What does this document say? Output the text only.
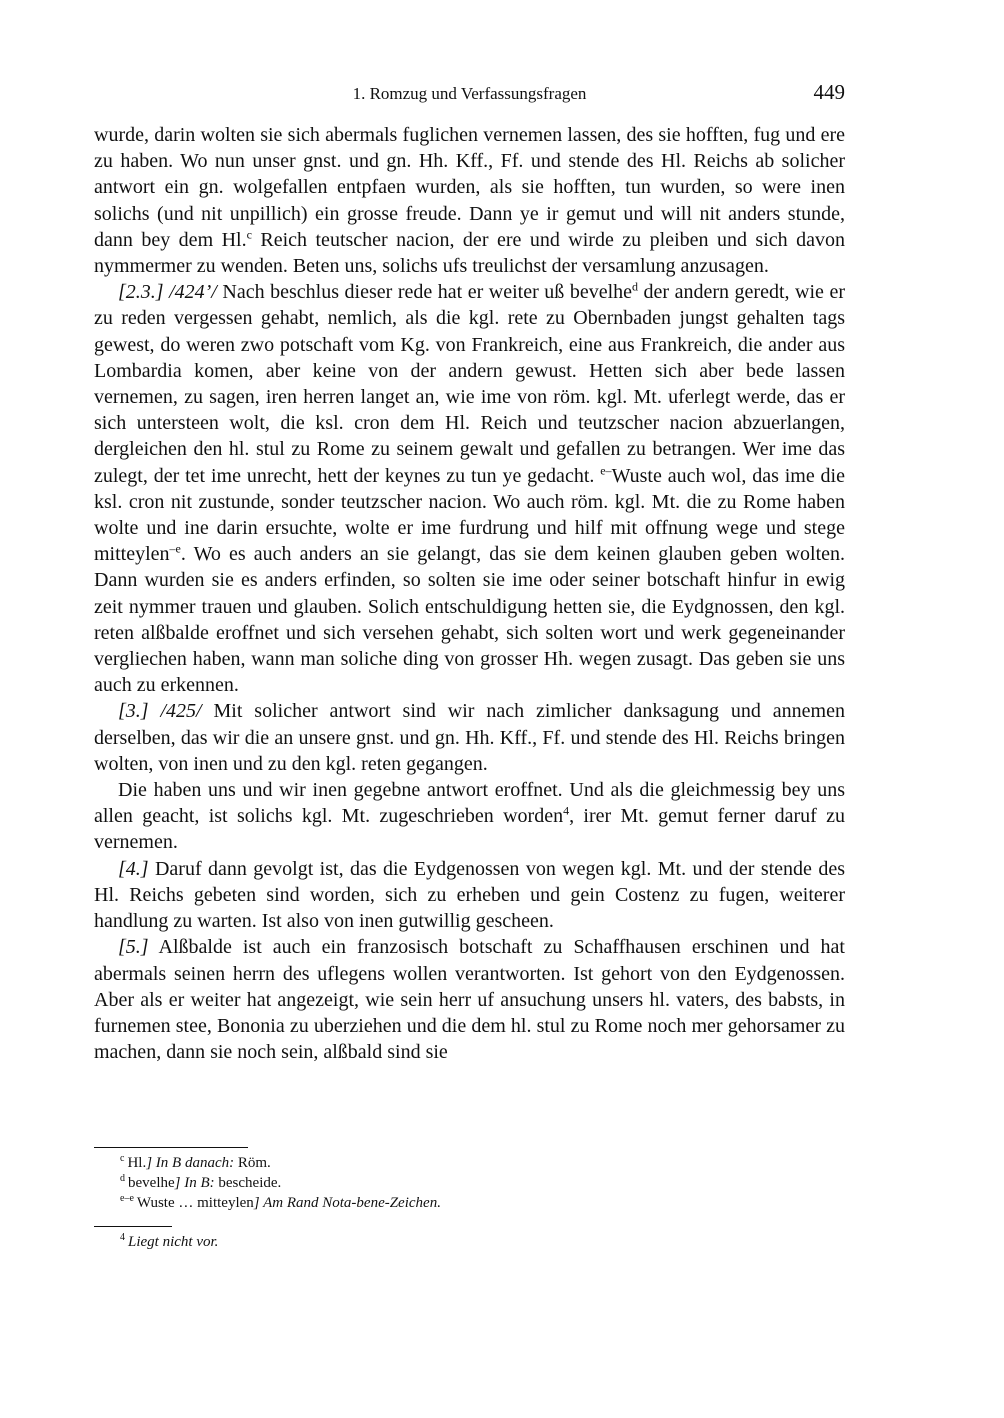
1. Romzug und Verfassungsfragen	449

wurde, darin wolten sie sich abermals fuglichen vernemen lassen, des sie hofften, fug und ere zu haben. Wo nun unser gnst. und gn. Hh. Kff., Ff. und stende des Hl. Reichs ab solicher antwort ein gn. wolgefallen entpfaen wurden, als sie hofften, tun wurden, so were inen solichs (und nit unpillich) ein grosse freude. Dann ye ir gemut und will nit anders stunde, dann bey dem Hl.$^c$ Reich teutscher nacion, der ere und wirde zu pleiben und sich davon nymmermer zu wenden. Beten uns, solichs ufs treulichst der versamlung anzusagen.

[2.3.] /424’/ Nach beschlus dieser rede hat er weiter uß bevelhe$^d$ der andern geredt, wie er zu reden vergessen gehabt, nemlich, als die kgl. rete zu Obernbaden jungst gehalten tags gewest, do weren zwo potschaft vom Kg. von Frankreich, eine aus Frankreich, die ander aus Lombardia komen, aber keine von der andern gewust. Hetten sich aber bede lassen vernemen, zu sagen, iren herren langet an, wie ime von röm. kgl. Mt. uferlegt werde, das er sich untersteen wolt, die ksl. cron dem Hl. Reich und teutzscher nacion abzuerlangen, dergleichen den hl. stul zu Rome zu seinem gewalt und gefallen zu betrangen. Wer ime das zulegt, der tet ime unrecht, hett der keynes zu tun ye gedacht. $^{e-}$Wuste auch wol, das ime die ksl. cron nit zustunde, sonder teutzscher nacion. Wo auch röm. kgl. Mt. die zu Rome haben wolte und ine darin ersuchte, wolte er ime furdrung und hilf mit offnung wege und stege mitteylen$^{-e}$. Wo es auch anders an sie gelangt, das sie dem keinen glauben geben wolten. Dann wurden sie es anders erfinden, so solten sie ime oder seiner botschaft hinfur in ewig zeit nymmer trauen und glauben. Solich entschuldigung hetten sie, die Eydgnossen, den kgl. reten alßbalde eroffnet und sich versehen gehabt, sich solten wort und werk gegeneinander vergliechen haben, wann man soliche ding von grosser Hh. wegen zusagt. Das geben sie uns auch zu erkennen.

[3.] /425/ Mit solicher antwort sind wir nach zimlicher danksagung und annemen derselben, das wir die an unsere gnst. und gn. Hh. Kff., Ff. und stende des Hl. Reichs bringen wolten, von inen und zu den kgl. reten gegangen.

Die haben uns und wir inen gegebne antwort eroffnet. Und als die gleichmessig bey uns allen geacht, ist solichs kgl. Mt. zugeschrieben worden$^4$, irer Mt. gemut ferner daruf zu vernemen.

[4.] Daruf dann gevolgt ist, das die Eydgenossen von wegen kgl. Mt. und der stende des Hl. Reichs gebeten sind worden, sich zu erheben und gein Costenz zu fugen, weiterer handlung zu warten. Ist also von inen gutwillig gescheen.

[5.] Alßbalde ist auch ein franzosisch botschaft zu Schaffhausen erschinen und hat abermals seinen herrn des uflegens wollen verantworten. Ist gehort von den Eydgenossen. Aber als er weiter hat angezeigt, wie sein herr uf ansuchung unsers hl. vaters, des babsts, in furnemen stee, Bononia zu uberziehen und die dem hl. stul zu Rome noch mer gehorsamer zu machen, dann sie noch sein, alßbald sind sie

$^c$ Hl.] In B danach: Röm.
$^d$ bevelhe] In B: bescheide.
$^{e-e}$ Wuste … mitteylen] Am Rand Nota-bene-Zeichen.
$^4$ Liegt nicht vor.
